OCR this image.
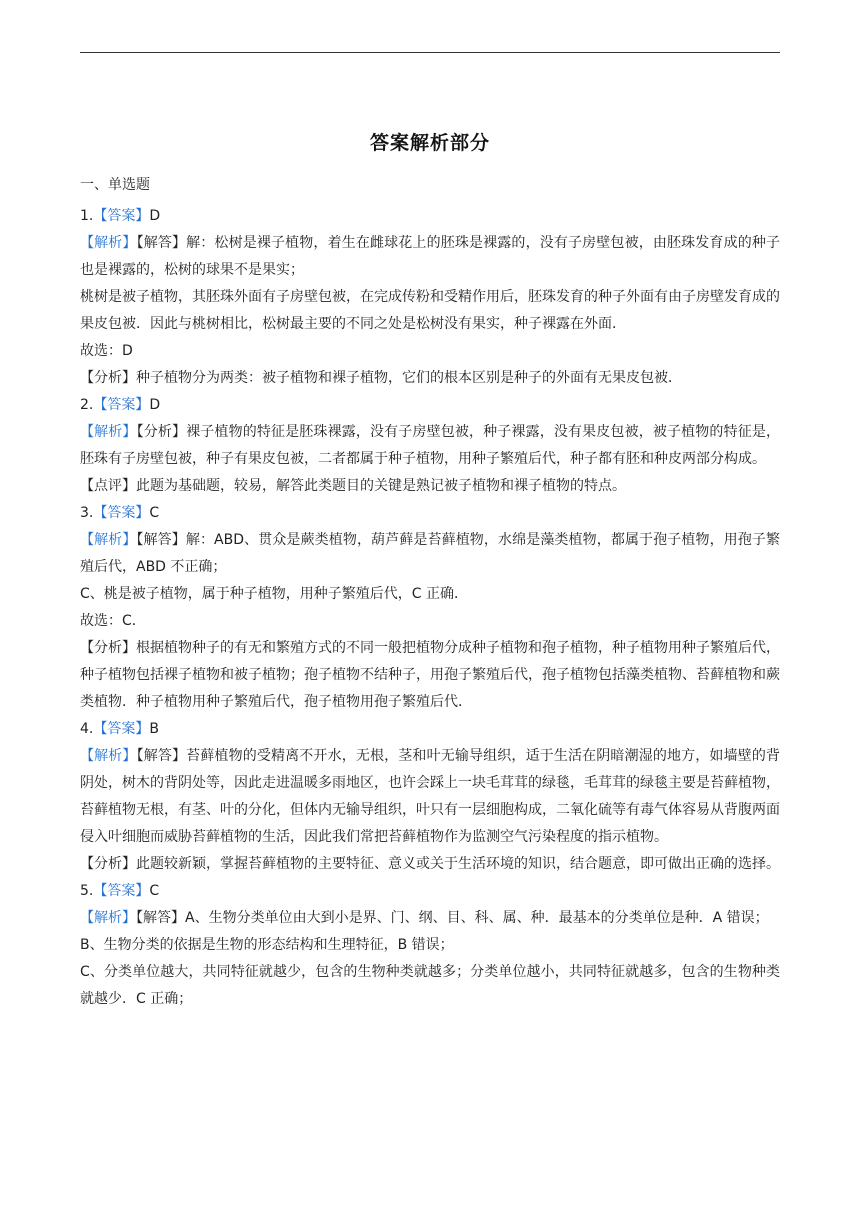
答案解析部分

一、单选题

1.【答案】D

【解析】【解答】解：松树是裸子植物，着生在雌球花上的胚珠是裸露的，没有子房壁包被，由胚珠发育成的种子也是裸露的，松树的球果不是果实；

桃树是被子植物，其胚珠外面有子房壁包被，在完成传粉和受精作用后，胚珠发育的种子外面有由子房壁发育成的果皮包被．因此与桃树相比，松树最主要的不同之处是松树没有果实，种子裸露在外面．

故选：D

【分析】种子植物分为两类：被子植物和裸子植物，它们的根本区别是种子的外面有无果皮包被．

2.【答案】D

【解析】【分析】裸子植物的特征是胚珠裸露，没有子房壁包被，种子裸露，没有果皮包被，被子植物的特征是，胚珠有子房壁包被，种子有果皮包被，二者都属于种子植物，用种子繁殖后代，种子都有胚和种皮两部分构成。

【点评】此题为基础题，较易，解答此类题目的关键是熟记被子植物和裸子植物的特点。

3.【答案】C

【解析】【解答】解：ABD、贯众是蕨类植物，葫芦藓是苔藓植物，水绵是藻类植物，都属于孢子植物，用孢子繁殖后代，ABD 不正确；

C、桃是被子植物，属于种子植物，用种子繁殖后代，C 正确．

故选：C．

【分析】根据植物种子的有无和繁殖方式的不同一般把植物分成种子植物和孢子植物，种子植物用种子繁殖后代，种子植物包括裸子植物和被子植物；孢子植物不结种子，用孢子繁殖后代，孢子植物包括藻类植物、苔藓植物和蕨类植物．种子植物用种子繁殖后代，孢子植物用孢子繁殖后代．

4.【答案】B

【解析】【解答】苔藓植物的受精离不开水，无根，茎和叶无输导组织，适于生活在阴暗潮湿的地方，如墙壁的背阴处，树木的背阴处等，因此走进温暖多雨地区，也许会踩上一块毛茸茸的绿毯，毛茸茸的绿毯主要是苔藓植物，苔藓植物无根，有茎、叶的分化，但体内无输导组织，叶只有一层细胞构成，二氧化硫等有毒气体容易从背腹两面侵入叶细胞而威胁苔藓植物的生活，因此我们常把苔藓植物作为监测空气污染程度的指示植物。

【分析】此题较新颖，掌握苔藓植物的主要特征、意义或关于生活环境的知识，结合题意，即可做出正确的选择。

5.【答案】C

【解析】【解答】A、生物分类单位由大到小是界、门、纲、目、科、属、种．最基本的分类单位是种．A 错误；

B、生物分类的依据是生物的形态结构和生理特征，B 错误；

C、分类单位越大，共同特征就越少，包含的生物种类就越多；分类单位越小，共同特征就越多，包含的生物种类就越少．C 正确；
